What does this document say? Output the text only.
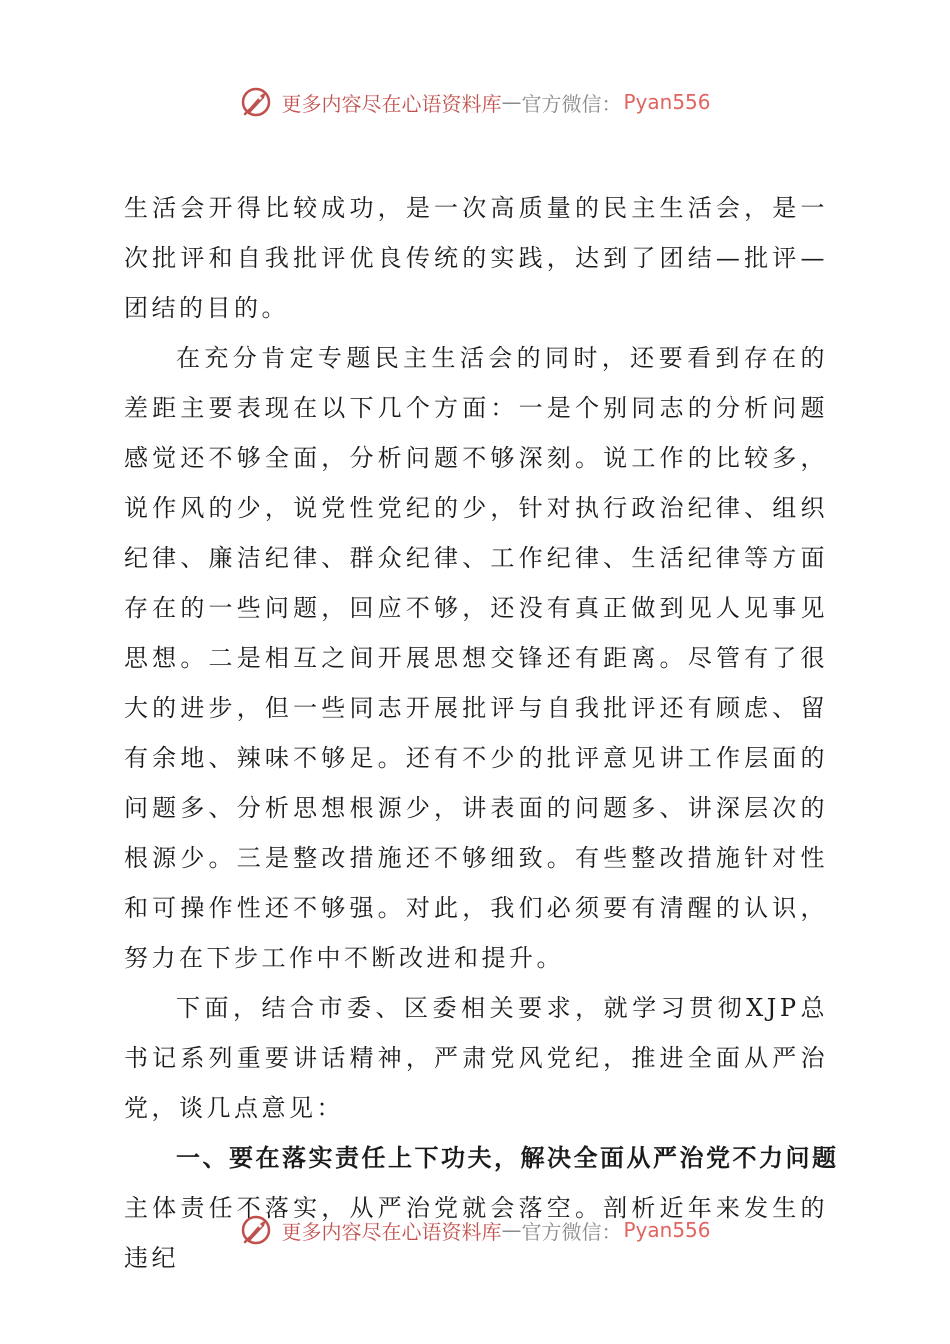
更多内容尽在心语资料库 — 官方微信： Pyan556

生活会开得比较成功，是一次高质量的民主生活会，是一次批评和自我批评优良传统的实践，达到了团结—批评—团结的目的。

在充分肯定专题民主生活会的同时，还要看到存在的差距主要表现在以下几个方面：一是个别同志的分析问题感觉还不够全面，分析问题不够深刻。说工作的比较多，说作风的少，说党性党纪的少，针对执行政治纪律、组织纪律、廉洁纪律、群众纪律、工作纪律、生活纪律等方面存在的一些问题，回应不够，还没有真正做到见人见事见思想。二是相互之间开展思想交锋还有距离。尽管有了很大的进步，但一些同志开展批评与自我批评还有顾虑、留有余地、辣味不够足。还有不少的批评意见讲工作层面的问题多、分析思想根源少，讲表面的问题多、讲深层次的根源少。三是整改措施还不够细致。有些整改措施针对性和可操作性还不够强。对此，我们必须要有清醒的认识，努力在下步工作中不断改进和提升。

下面，结合市委、区委相关要求，就学习贯彻XJP总书记系列重要讲话精神，严肃党风党纪，推进全面从严治党，谈几点意见：

一、要在落实责任上下功夫，解决全面从严治党不力问题

主体责任不落实，从严治党就会落空。剖析近年来发生的违纪

更多内容尽在心语资料库 — 官方微信： Pyan556
